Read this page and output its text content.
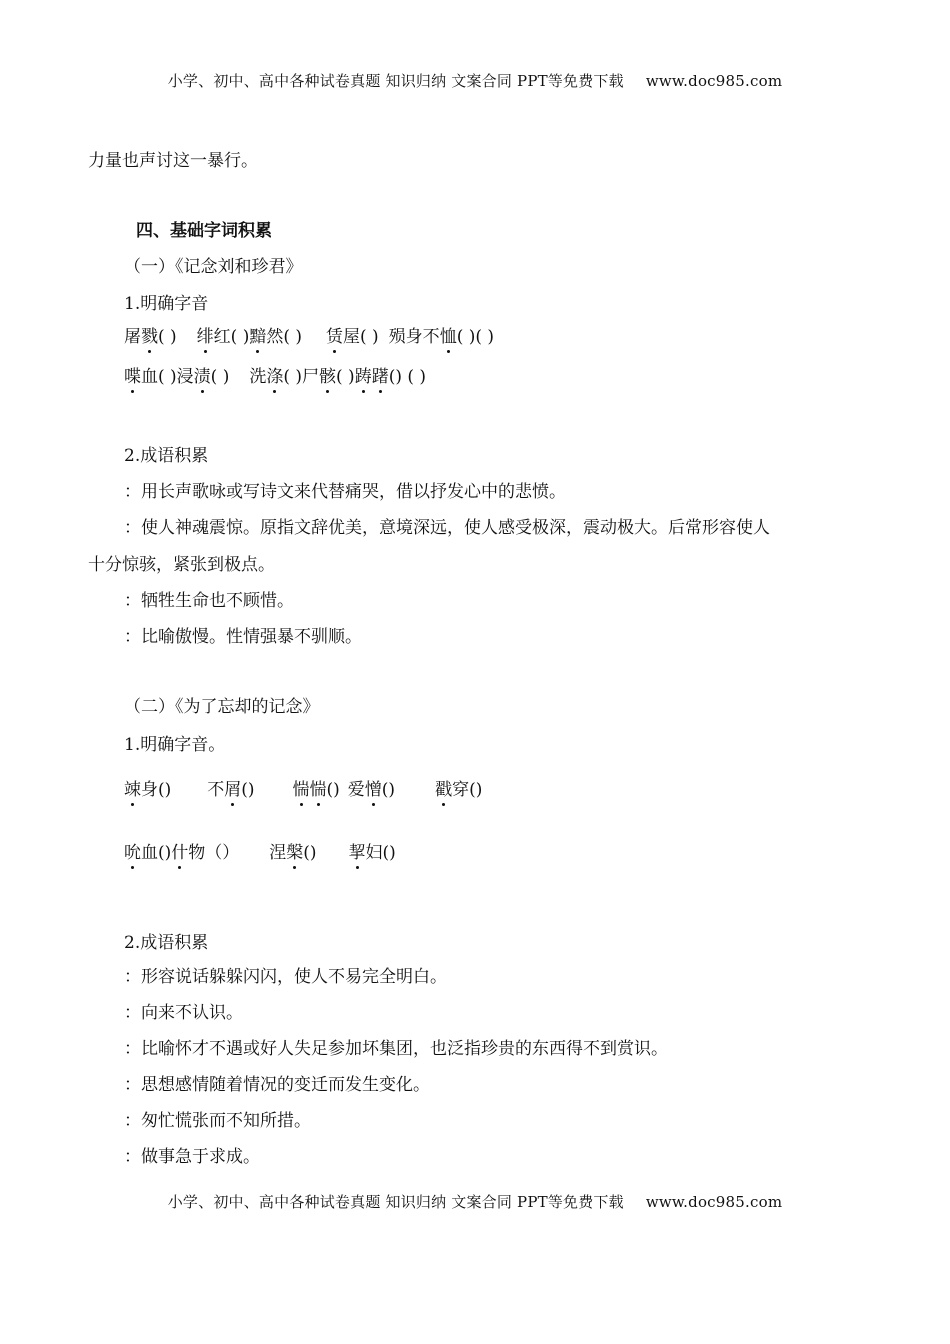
小学、初中、高中各种试卷真题 知识归纳 文案合同 PPT等免费下载 www.doc985.com
力量也声讨这一暴行。
四、基础字词积累
（一）《记念刘和珍君》
1.明确字音
屠戮( ) 绯红( )黯然( ) 赁屋( ) 殒身不恤( )( )
喋血( )浸渍( ) 洗涤( )尸骸( )踌躇() ( )
2.成语积累
：用长声歌咏或写诗文来代替痛哭，借以抒发心中的悲愤。
：使人神魂震惊。原指文辞优美，意境深远，使人感受极深，震动极大。后常形容使人
十分惊骇，紧张到极点。
：牺牲生命也不顾惜。
：比喻傲慢。性情强暴不驯顺。
（二）《为了忘却的记念》
1.明确字音。
竦身() 不屑() 惴惴() 爱憎() 戳穿()
吮血()什物（） 涅槃() 挈妇()
2.成语积累
：形容说话躲躲闪闪，使人不易完全明白。
：向来不认识。
：比喻怀才不遇或好人失足参加坏集团，也泛指珍贵的东西得不到赏识。
：思想感情随着情况的变迁而发生变化。
：匆忙慌张而不知所措。
：做事急于求成。
小学、初中、高中各种试卷真题 知识归纳 文案合同 PPT等免费下载 www.doc985.com
